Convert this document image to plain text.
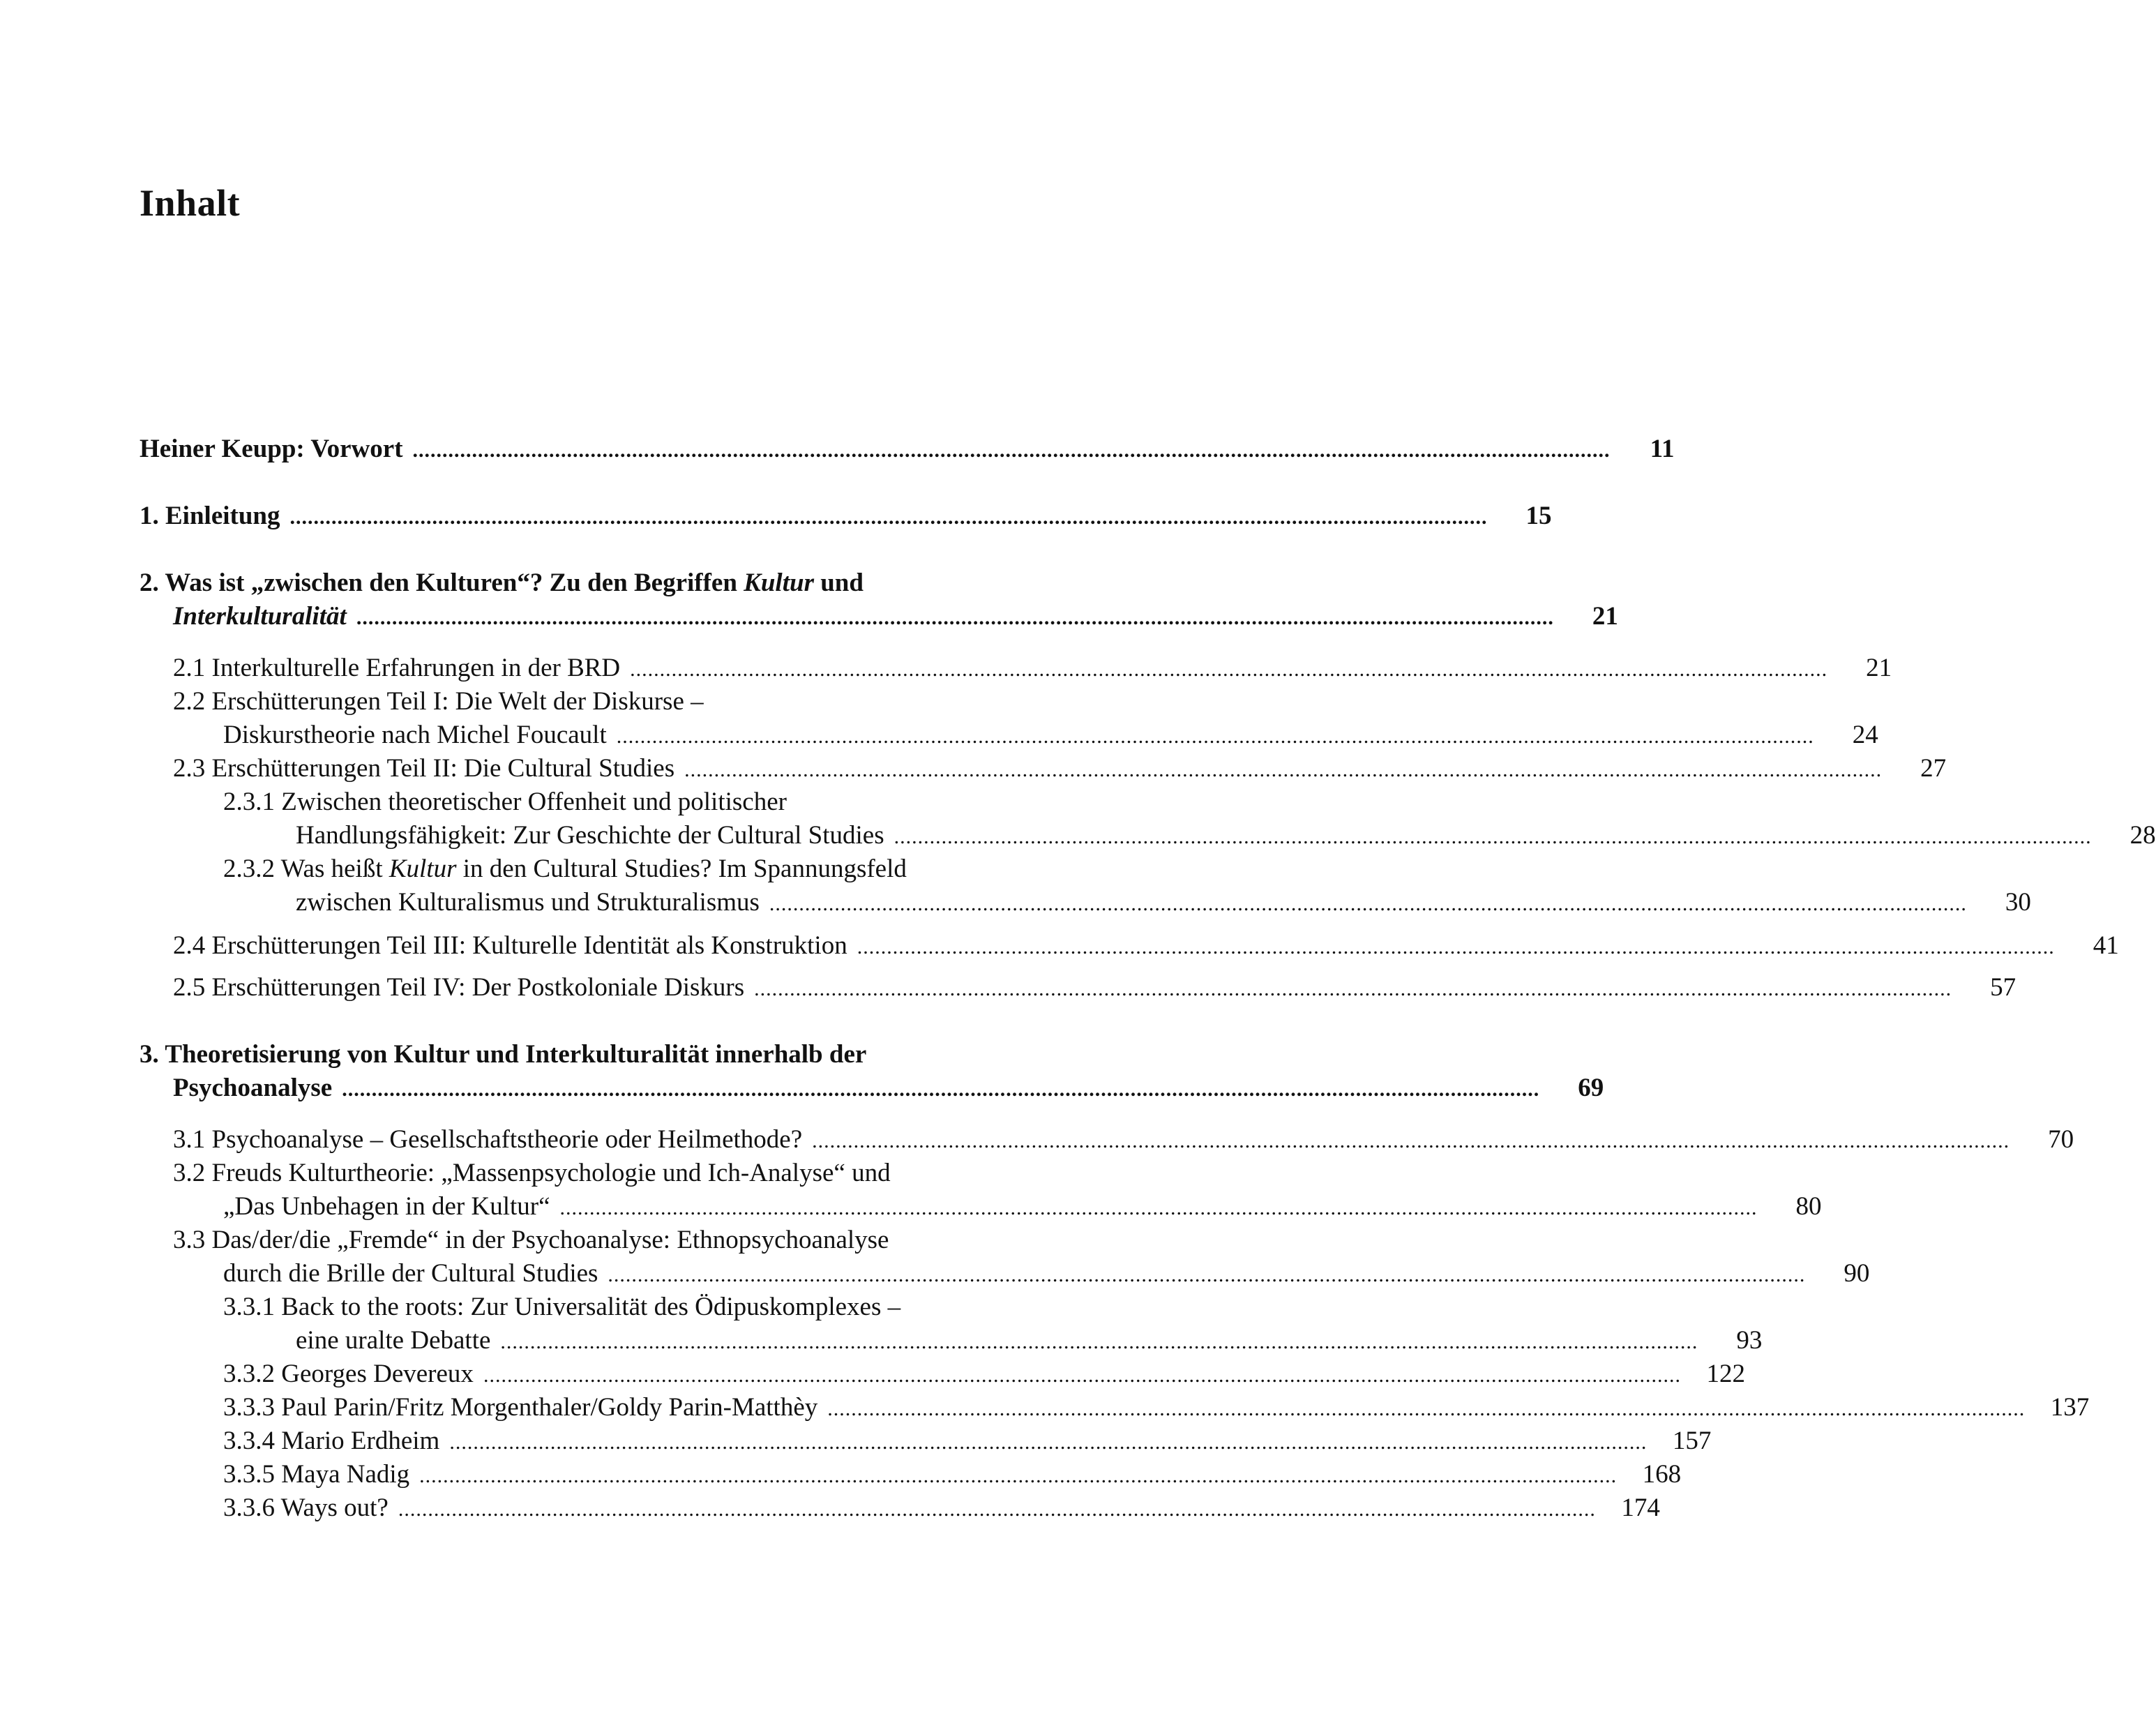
Inhalt
Heiner Keupp: Vorwort ..........................................................................................................................................................................................................	11
1. Einleitung ..........................................................................................................................................................................................................	15
2. Was ist „zwischen den Kulturen“? Zu den Begriffen Kultur und
Interkulturalität ..........................................................................................................................................................................................................	21
2.1 Interkulturelle Erfahrungen in der BRD ..........................................................................................................................................................................................................	21
2.2 Erschütterungen Teil I: Die Welt der Diskurse –
Diskurstheorie nach Michel Foucault ..........................................................................................................................................................................................................	24
2.3 Erschütterungen Teil II: Die Cultural Studies ..........................................................................................................................................................................................................	27
2.3.1 Zwischen theoretischer Offenheit und politischer
Handlungsfähigkeit: Zur Geschichte der Cultural Studies ..........................................................................................................................................................................................................	28
2.3.2 Was heißt Kultur in den Cultural Studies? Im Spannungsfeld
zwischen Kulturalismus und Strukturalismus ..........................................................................................................................................................................................................	30
2.4 Erschütterungen Teil III: Kulturelle Identität als Konstruktion ..........................................................................................................................................................................................................	41
2.5 Erschütterungen Teil IV: Der Postkoloniale Diskurs ..........................................................................................................................................................................................................	57
3. Theoretisierung von Kultur und Interkulturalität innerhalb der
Psychoanalyse ..........................................................................................................................................................................................................	69
3.1 Psychoanalyse – Gesellschaftstheorie oder Heilmethode? ..........................................................................................................................................................................................................	70
3.2 Freuds Kulturtheorie: „Massenpsychologie und Ich-Analyse“ und
„Das Unbehagen in der Kultur“ ..........................................................................................................................................................................................................	80
3.3 Das/der/die „Fremde“ in der Psychoanalyse: Ethnopsychoanalyse
durch die Brille der Cultural Studies ..........................................................................................................................................................................................................	90
3.3.1 Back to the roots: Zur Universalität des Ödipuskomplexes –
eine uralte Debatte ..........................................................................................................................................................................................................	93
3.3.2 Georges Devereux .......................................................................................................................................................................................................... 122
3.3.3 Paul Parin/Fritz Morgenthaler/Goldy Parin-Matthèy .......................................................................................................................................................................................................... 137
3.3.4 Mario Erdheim .......................................................................................................................................................................................................... 157
3.3.5 Maya Nadig .......................................................................................................................................................................................................... 168
3.3.6 Ways out? .......................................................................................................................................................................................................... 174
